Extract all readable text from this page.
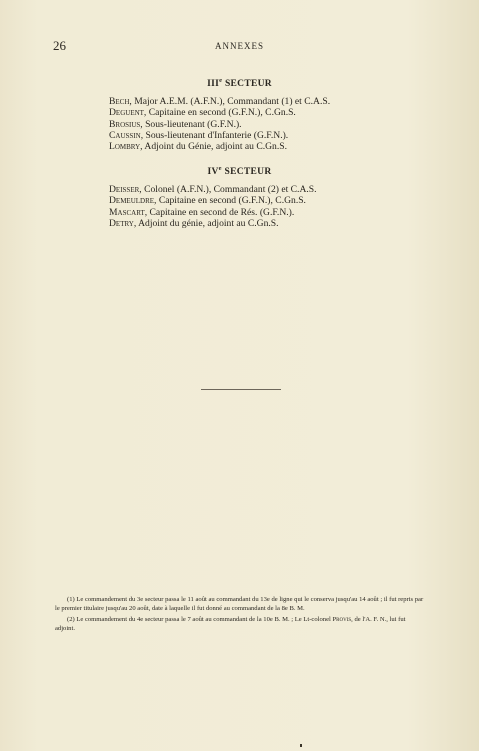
26	ANNEXES
IIIe SECTEUR
Bech, Major A.E.M. (A.F.N.), Commandant (1) et C.A.S.
Deguent, Capitaine en second (G.F.N.), C.Gn.S.
Brosius, Sous-lieutenant (G.F.N.).
Caussin, Sous-lieutenant d'Infanterie (G.F.N.).
Lombry, Adjoint du Génie, adjoint au C.Gn.S.
IVe SECTEUR
Deisser, Colonel (A.F.N.), Commandant (2) et C.A.S.
Demeuldre, Capitaine en second (G.F.N.), C.Gn.S.
Mascart, Capitaine en second de Rés. (G.F.N.).
Detry, Adjoint du génie, adjoint au C.Gn.S.

(1) Le commandement du 3e secteur passa le 11 août au commandant du 13e de ligne qui le conserva jusqu'au 14 août ; il fut repris par le premier titulaire jusqu'au 20 août, date à laquelle il fut donné au commandant de la 8e B. M.

(2) Le commandement du 4e secteur passa le 7 août au commandant de la 10e B. M. ; Le Lt-colonel Provis, de l'A. F. N., lui fut adjoint.
